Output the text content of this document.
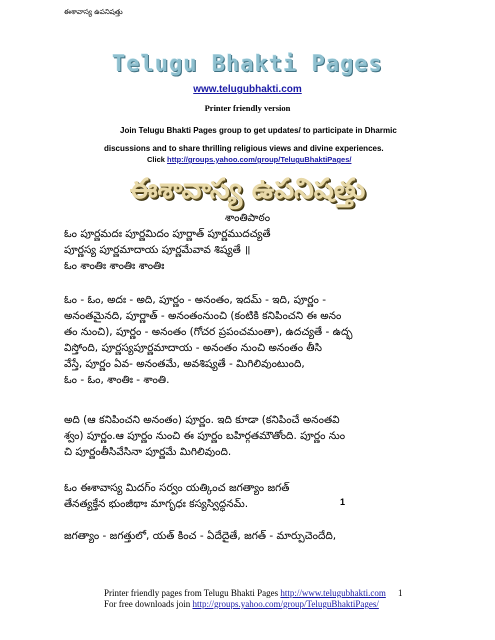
ఈశావాస్య ఉపనిషత్తు
Telugu Bhakti Pages
www.telugubhakti.com
Printer friendly version
Join Telugu Bhakti Pages group to get updates/ to participate in Dharmic
discussions and to share thrilling religious views and divine experiences.
Click http://groups.yahoo.com/group/TeluguBhaktiPages/
ఈశావాస్య ఉపనిషత్తు
శాంతిపాఠం
ఓం పూర్ణమదః పూర్ణమిదం పూర్ణాత్ పూర్ణముదచ్యతే
పూర్ణస్య పూర్ణమాదాయ పూర్ణమేవావ శిష్యతే ॥
ఓం శాంతిః శాంతిః శాంతిః
ఓం - ఓం, అదః - అది, పూర్ణం - అనంతం, ఇదమ్ - ఇది, పూర్ణం -
అనంతమైనది, పూర్ణాత్ - అనంతంనుంచి (కంటికి కనిపించని ఈ అనం
తం నుంచి), పూర్ణం - అనంతం (గోచర ప్రపంచమంతా), ఉదచ్యతే - ఉద్భ
విస్తోంది, పూర్ణస్యపూర్ణమాదాయ - అనంతం నుంచి అనంతం తీసి
వేస్తే, పూర్ణం ఏవ- అనంతమే, అవశిష్యతే - మిగిలివుంటుంది,
ఓం - ఓం, శాంతిః - శాంతి.
అది (ఆ కనిపించని అనంతం) పూర్ణం. ఇది కూడా (కనిపించే అనంతవి
శ్వం) పూర్ణం.ఆ పూర్ణం నుంచి ఈ పూర్ణం బహిర్గతమౌతోంది. పూర్ణం నుం
చి పూర్ణంతీసివేసినా పూర్ణమే మిగిలివుంది.
ఓం ఈశావాస్య మిదగ్ం సర్వం యత్కించ జగత్యాం జగత్
తేనత్యక్తేన భుంజీథాః మాగృధః కస్యస్విద్ధనమ్.	1
జగత్యాం - జగత్తులో, యత్ కించ - ఏదేదైతే, జగత్ - మార్పుచెందేది,
Printer friendly pages from Telugu Bhakti Pages http://www.telugubhakti.com
For free downloads join http://groups.yahoo.com/group/TeluguBhaktiPages/
1
